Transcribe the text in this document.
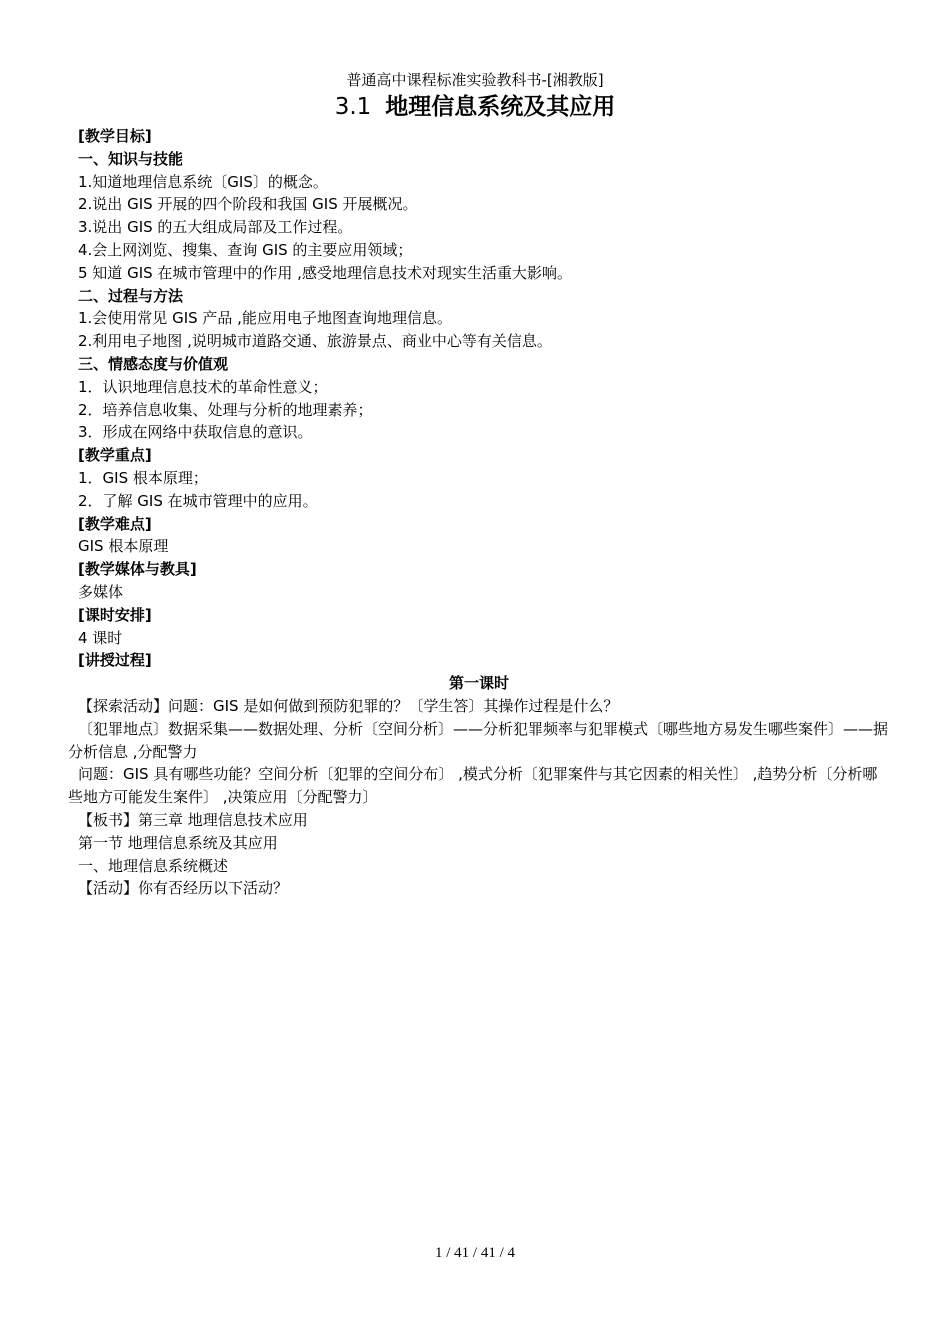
普通高中课程标准实验教科书-[湘教版]
3.1 地理信息系统及其应用
[教学目标]
一、知识与技能
1.知道地理信息系统〔GIS〕的概念。
2.说出 GIS 开展的四个阶段和我国 GIS 开展概况。
3.说出 GIS 的五大组成局部及工作过程。
4.会上网浏览、搜集、查询 GIS 的主要应用领域；
5 知道 GIS 在城市管理中的作用 ,感受地理信息技术对现实生活重大影响。
二、过程与方法
1.会使用常见 GIS 产品 ,能应用电子地图查询地理信息。
2.利用电子地图 ,说明城市道路交通、旅游景点、商业中心等有关信息。
三、情感态度与价值观
1．认识地理信息技术的革命性意义；
2．培养信息收集、处理与分析的地理素养；
3．形成在网络中获取信息的意识。
[教学重点]
1．GIS 根本原理；
2．了解 GIS 在城市管理中的应用。
[教学难点]
GIS 根本原理
[教学媒体与教具]
多媒体
[课时安排]
4 课时
[讲授过程]
第一课时
【探索活动】问题：GIS 是如何做到预防犯罪的？〔学生答〕其操作过程是什么？
〔犯罪地点〕数据采集——数据处理、分析〔空间分析〕——分析犯罪频率与犯罪模式〔哪些地方易发生哪些案件〕——据分析信息 ,分配警力
问题：GIS 具有哪些功能？空间分析〔犯罪的空间分布〕 ,模式分析〔犯罪案件与其它因素的相关性〕 ,趋势分析〔分析哪些地方可能发生案件〕 ,决策应用〔分配警力〕
【板书】第三章 地理信息技术应用
第一节 地理信息系统及其应用
一、地理信息系统概述
【活动】你有否经历以下活动？
1 / 41 / 41 / 4
